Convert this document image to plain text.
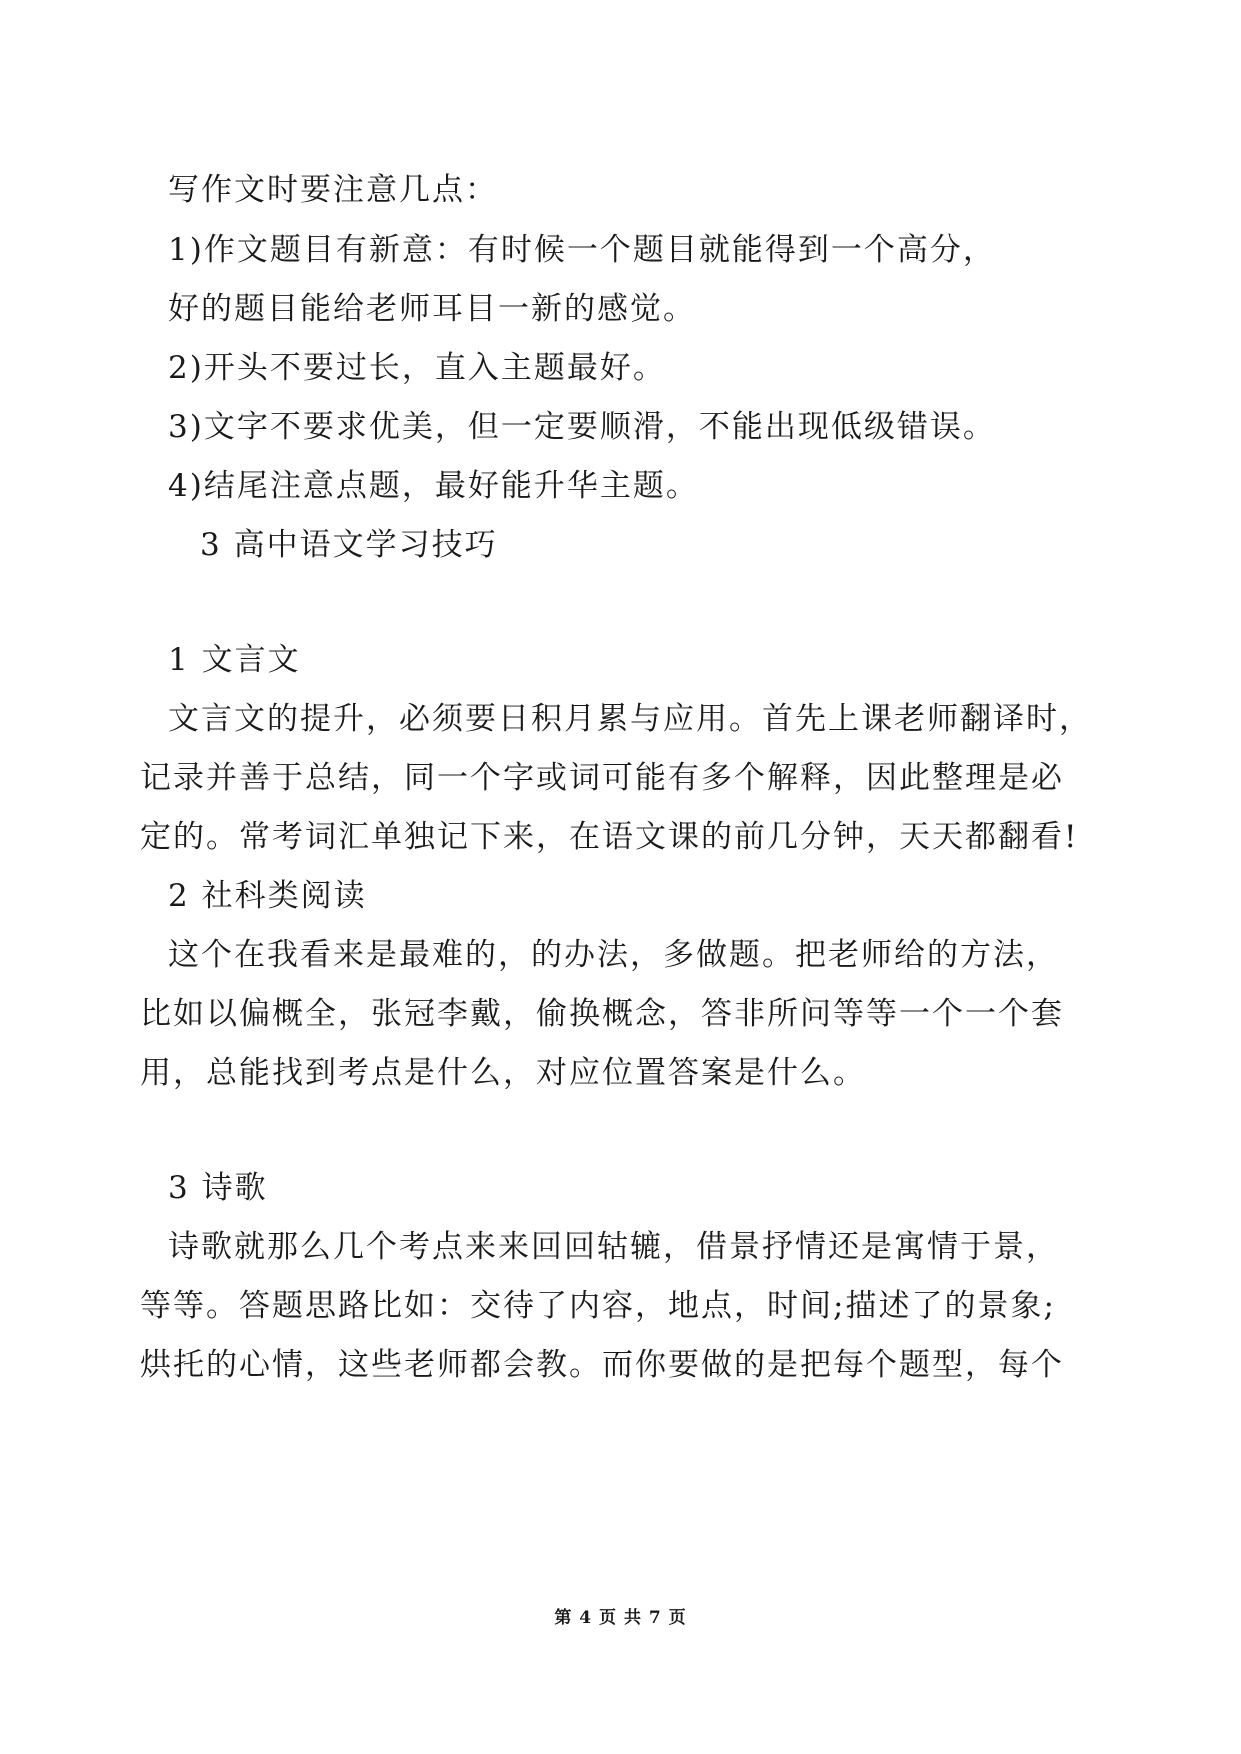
写作文时要注意几点：
1)作文题目有新意：有时候一个题目就能得到一个高分，
好的题目能给老师耳目一新的感觉。
2)开头不要过长，直入主题最好。
3)文字不要求优美，但一定要顺滑，不能出现低级错误。
4)结尾注意点题，最好能升华主题。
3 高中语文学习技巧
1 文言文
文言文的提升，必须要日积月累与应用。首先上课老师翻译时，
记录并善于总结，同一个字或词可能有多个解释，因此整理是必
定的。常考词汇单独记下来，在语文课的前几分钟，天天都翻看!
2 社科类阅读
这个在我看来是最难的，的办法，多做题。把老师给的方法，
比如以偏概全，张冠李戴，偷换概念，答非所问等等一个一个套
用，总能找到考点是什么，对应位置答案是什么。
3 诗歌
诗歌就那么几个考点来来回回轱辘，借景抒情还是寓情于景，
等等。答题思路比如：交待了内容，地点，时间;描述了的景象;
烘托的心情，这些老师都会教。而你要做的是把每个题型，每个
第 4 页 共 7 页
